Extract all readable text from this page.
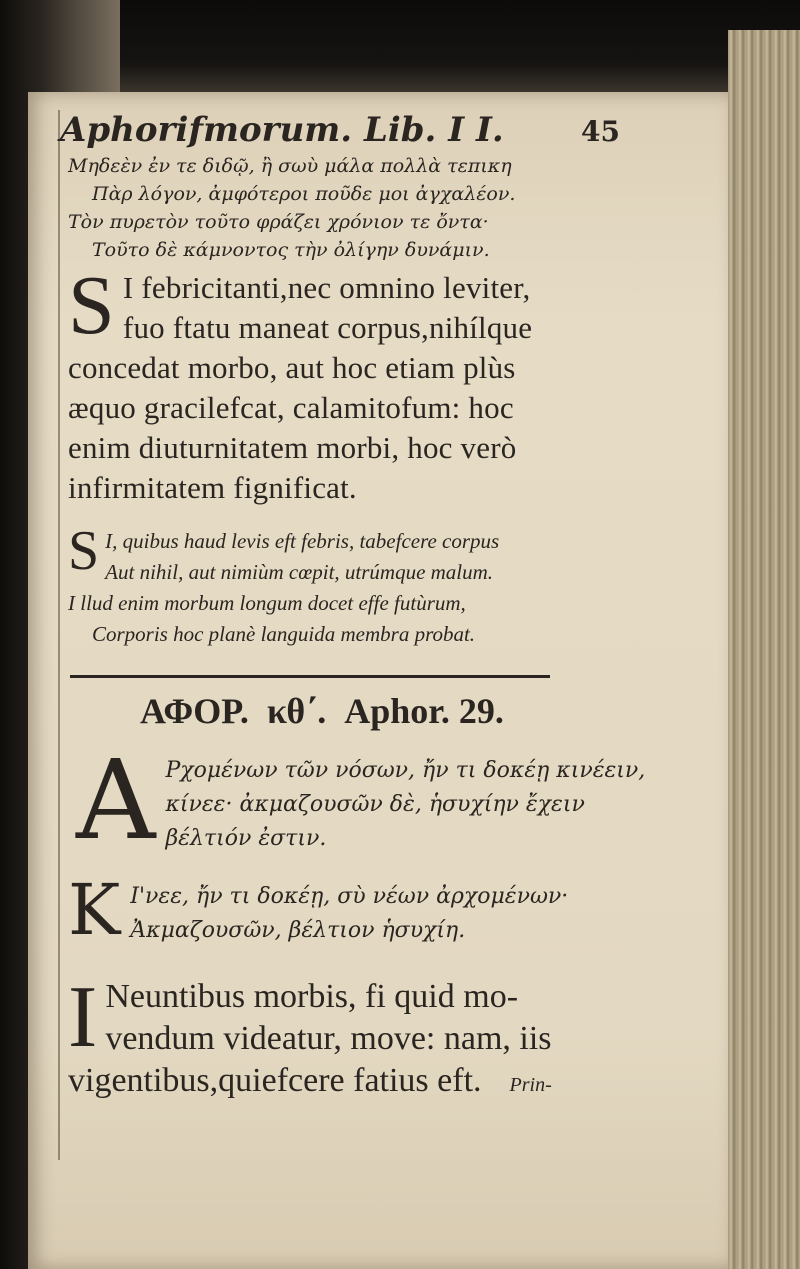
Aphorifmorum. Lib. I I.	45

Μηδεὲν ἐν τε διδῷ, ἢ σωὺ μάλα πολλὰ τεπικη

Πὰρ λόγον, ἀμφότεροι ποῦδε μοι ἀγχαλέον.

Τὸν πυρετὸν τοῦτο φράζει χρόνιον τε ὄντα·

Τοῦτο δὲ κάμνοντος τὴν ὀλίγην δυνάμιν.

S I febricitanti,nec omnino leviter,

fuo ftatu maneat corpus,nihílque

concedat morbo, aut hoc etiam plùs

æquo gracilefcat, calamitofum: hoc

enim diuturnitatem morbi, hoc verò

infirmitatem fignificat.

S I, quibus haud levis eft febris, tabefcere corpus

Aut nihil, aut nimiùm cœpit, utrúmque malum.

I llud enim morbum longum docet effe futùrum,

Corporis hoc planè languida membra probat.

ΑΦΟΡ. κθ΄. Aphor. 29.
Α Ρχομένων τῶν νόσων, ἤν τι δοκέῃ κινέειν,

κίνεε· ἀκμαζουσῶν δὲ, ἡσυχίην ἔχειν

βέλτιόν ἐστιν.

Κ Ι'νεε, ἤν τι δοκέῃ, σὺ νέων ἀρχομένων·

Ἀκμαζουσῶν, βέλτιον ἡσυχίη.

I Neuntibus morbis, fi quid mo-

vendum videatur, move: nam, iis

vigentibus,quiefcere fatius eft. Prin-
